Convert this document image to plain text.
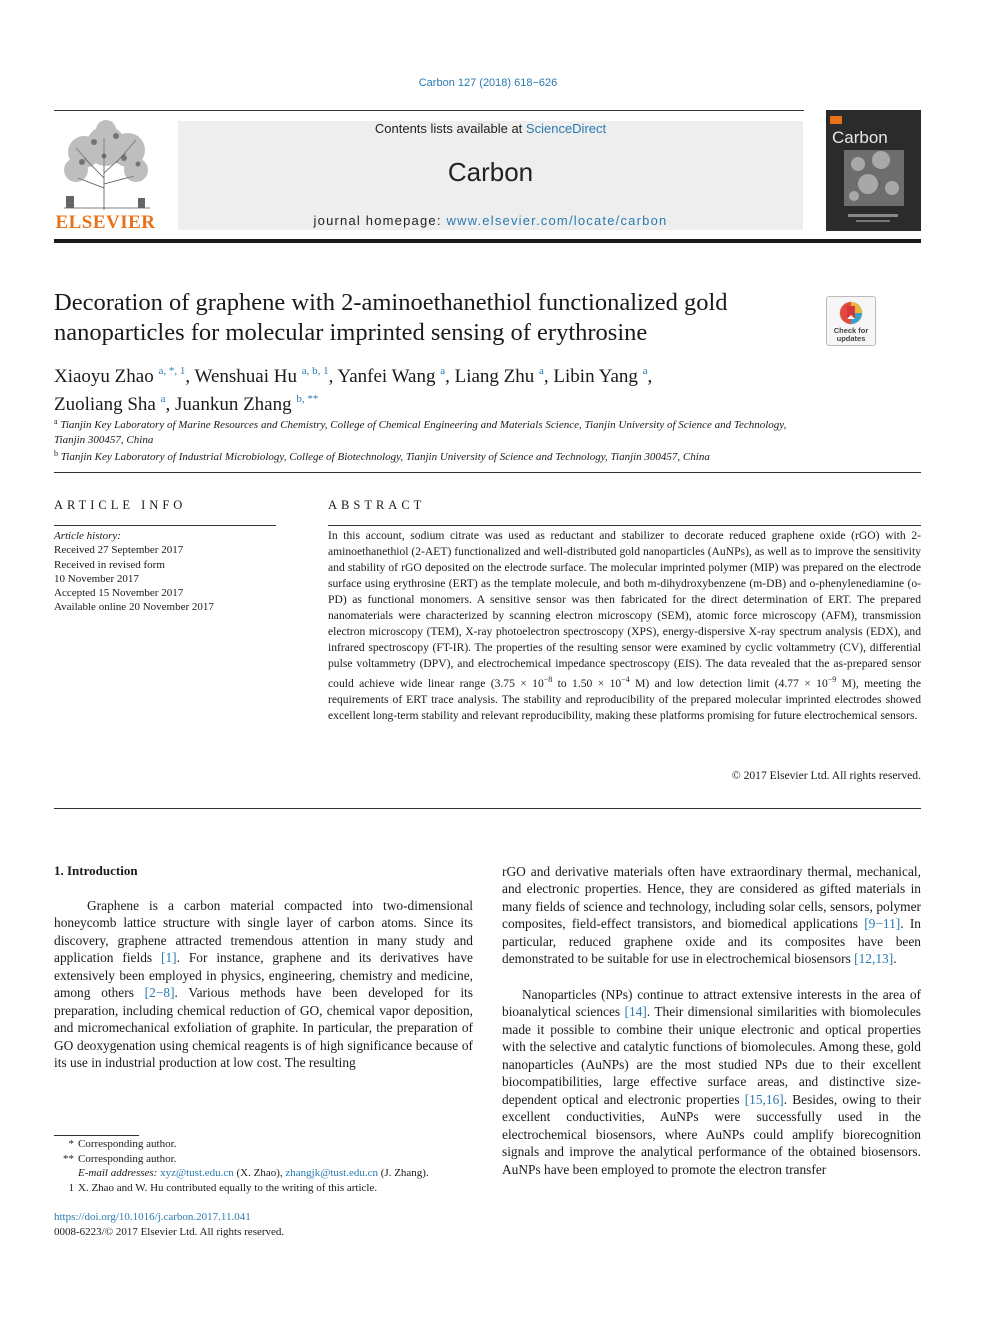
Carbon 127 (2018) 618−626
ELSEVIER
Contents lists available at ScienceDirect
Carbon
journal homepage: www.elsevier.com/locate/carbon
Carbon
Decoration of graphene with 2-aminoethanethiol functionalized gold nanoparticles for molecular imprinted sensing of erythrosine	Check for
updates
Xiaoyu Zhao $^{a, *, 1}$, Wenshuai Hu $^{a, b, 1}$, Yanfei Wang $^a$, Liang Zhu $^a$, Libin Yang $^a$,
Zuoliang Sha $^a$, Juankun Zhang $^{b, **}$
$^a$ Tianjin Key Laboratory of Marine Resources and Chemistry, College of Chemical Engineering and Materials Science, Tianjin University of Science and Technology, Tianjin 300457, China
$^b$ Tianjin Key Laboratory of Industrial Microbiology, College of Biotechnology, Tianjin University of Science and Technology, Tianjin 300457, China
ARTICLE INFO	ABSTRACT
Article history:
Received 27 September 2017
Received in revised form
10 November 2017
Accepted 15 November 2017
Available online 20 November 2017
In this account, sodium citrate was used as reductant and stabilizer to decorate reduced graphene oxide (rGO) with 2-aminoethanethiol (2-AET) functionalized and well-distributed gold nanoparticles (AuNPs), as well as to improve the sensitivity and stability of rGO deposited on the electrode surface. The molecular imprinted polymer (MIP) was prepared on the electrode surface using erythrosine (ERT) as the template molecule, and both m-dihydroxybenzene (m-DB) and o-phenylenediamine (o-PD) as functional monomers. A sensitive sensor was then fabricated for the direct determination of ERT. The prepared nanomaterials were characterized by scanning electron microscopy (SEM), atomic force microscopy (AFM), transmission electron microscopy (TEM), X-ray photoelectron spectroscopy (XPS), energy-dispersive X-ray spectrum analysis (EDX), and infrared spectroscopy (FT-IR). The properties of the resulting sensor were examined by cyclic voltammetry (CV), differential pulse voltammetry (DPV), and electrochemical impedance spectroscopy (EIS). The data revealed that the as-prepared sensor could achieve wide linear range ($3.75 \times 10^{-8}$ to $1.50 \times 10^{-4}$ M) and low detection limit ($4.77 \times 10^{-9}$ M), meeting the requirements of ERT trace analysis. The stability and reproducibility of the prepared molecular imprinted electrodes showed excellent long-term stability and relevant reproducibility, making these platforms promising for future electrochemical sensors.
© 2017 Elsevier Ltd. All rights reserved.
1. Introduction
Graphene is a carbon material compacted into two-dimensional honeycomb lattice structure with single layer of carbon atoms. Since its discovery, graphene attracted tremendous attention in many study and application fields [1]. For instance, graphene and its derivatives have extensively been employed in physics, engineering, chemistry and medicine, among others [2−8]. Various methods have been developed for its preparation, including chemical reduction of GO, chemical vapor deposition, and micromechanical exfoliation of graphite. In particular, the preparation of GO deoxygenation using chemical reagents is of high significance because of its use in industrial production at low cost. The resulting
rGO and derivative materials often have extraordinary thermal, mechanical, and electronic properties. Hence, they are considered as gifted materials in many fields of science and technology, including solar cells, sensors, polymer composites, field-effect transistors, and biomedical applications [9−11]. In particular, reduced graphene oxide and its composites have been demonstrated to be suitable for use in electrochemical biosensors [12,13].
Nanoparticles (NPs) continue to attract extensive interests in the area of bioanalytical sciences [14]. Their dimensional similarities with biomolecules made it possible to combine their unique electronic and optical properties with the selective and catalytic functions of biomolecules. Among these, gold nanoparticles (AuNPs) are the most studied NPs due to their excellent biocompatibilities, large effective surface areas, and distinctive size-dependent optical and electronic properties [15,16]. Besides, owing to their excellent conductivities, AuNPs were successfully used in the electrochemical biosensors, where AuNPs could amplify biorecognition signals and improve the analytical performance of the obtained biosensors. AuNPs have been employed to promote the electron transfer
* Corresponding author.
** Corresponding author.
E-mail addresses: xyz@tust.edu.cn (X. Zhao), zhangjk@tust.edu.cn (J. Zhang).
1 X. Zhao and W. Hu contributed equally to the writing of this article.
https://doi.org/10.1016/j.carbon.2017.11.041
0008-6223/© 2017 Elsevier Ltd. All rights reserved.
